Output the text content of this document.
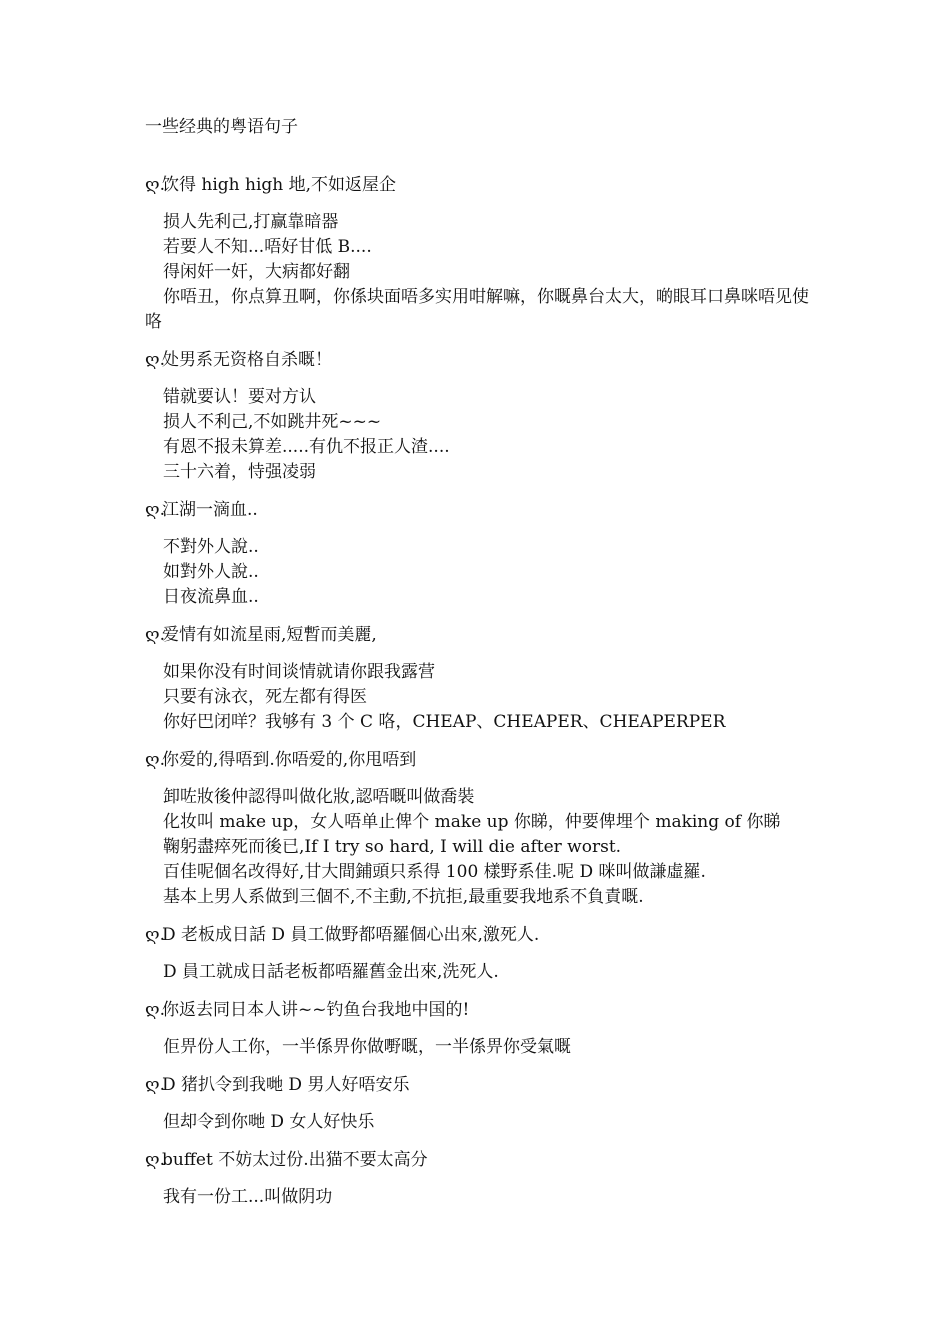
一些经典的粤语句子
ღ.饮得 high high 地,不如返屋企
损人先利己,打赢靠暗器
若要人不知...唔好甘低 B....
得闲奸一奸，大病都好翻
你唔丑，你点算丑啊，你係块面唔多实用咁解嘛，你嘅鼻台太大，啲眼耳口鼻咪唔见使咯
ღ.处男系无资格自杀嘅！
错就要认！要对方认
损人不利己,不如跳井死~~~
有恩不报未算差.....有仇不报正人渣....
三十六着，恃强凌弱
ღ.江湖一滴血..
不對外人說..
如對外人說..
日夜流鼻血..
ღ.爱情有如流星雨,短暫而美麗,
如果你没有时间谈情就请你跟我露营
只要有泳衣，死左都有得医
你好巴闭咩？我够有 3 个 C 咯，CHEAP、CHEAPER、CHEAPERPER
ღ.你爱的,得唔到.你唔爱的,你甩唔到
卸咗妝後仲認得叫做化妝,認唔嘅叫做喬裝
化妆叫 make up，女人唔单止俾个 make up 你睇，仲要俾埋个 making of 你睇
鞠躬盡瘁死而後已,If I try so hard, I will die after worst.
百佳呢個名改得好,甘大間鋪頭只系得 100 樣野系佳.呢 D 咪叫做謙虛羅.
基本上男人系做到三個不,不主動,不抗拒,最重要我地系不負責嘅.
ღ.D 老板成日話 D 員工做野都唔羅個心出來,激死人.
D 員工就成日話老板都唔羅舊金出來,洗死人.
ღ.你返去同日本人讲~~钓鱼台我地中国的!
佢畀份人工你，一半係畀你做嘢嘅，一半係畀你受氣嘅
ღ.D 猪扒令到我哋 D 男人好唔安乐
但却令到你哋 D 女人好快乐
ღ.buffet 不妨太过份.出猫不要太高分
我有一份工...叫做阴功
